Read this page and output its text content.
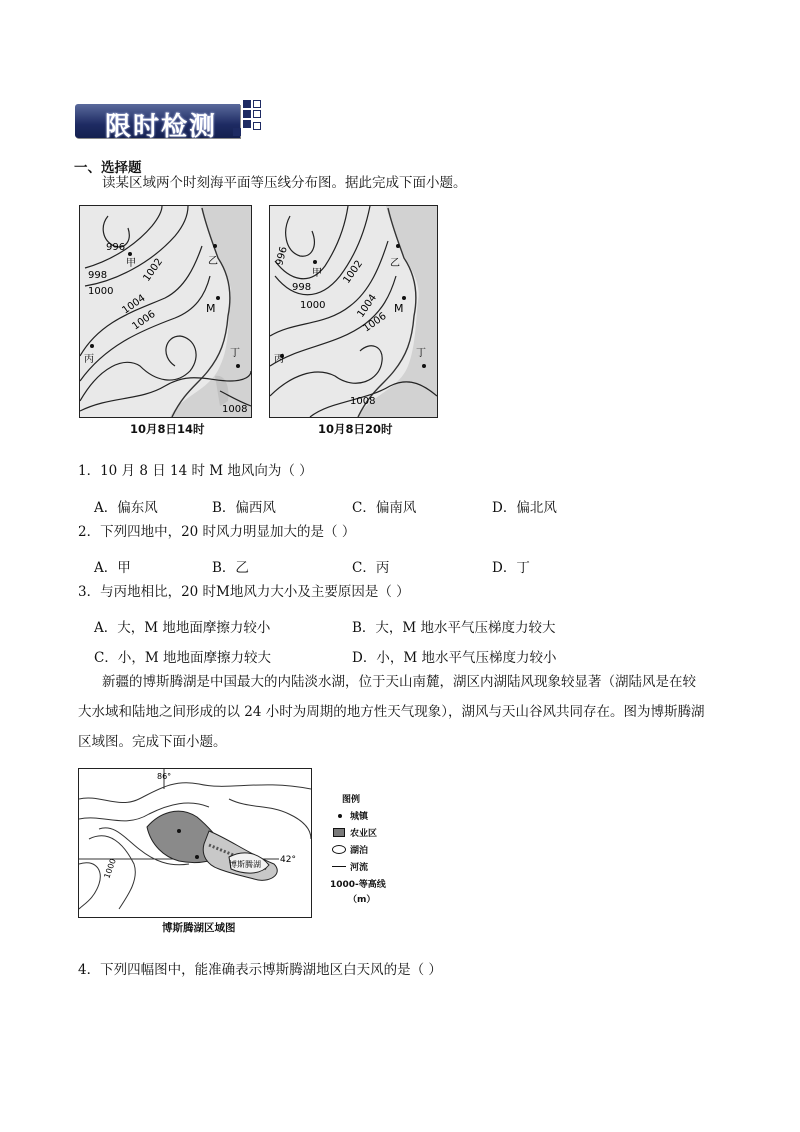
限时检测
一、选择题
读某区域两个时刻海平面等压线分布图。据此完成下面小题。
996
甲
998
1000
1002	乙
1004
1006
M
丙
丁
1008
10月8日14时
996
甲
998
1000
1002 乙
1004
1006
M
丙
丁
1008
10月8日20时
1．10 月 8 日 14 时 M 地风向为（ ）
A．偏东风	B．偏西风	C．偏南风	D．偏北风
2．下列四地中，20 时风力明显加大的是（ ）
A．甲	B．乙	C．丙	D．丁
3．与丙地相比，20 时M地风力大小及主要原因是（ ）
A．大，M 地地面摩擦力较小	B．大，M 地水平气压梯度力较大
C．小，M 地地面摩擦力较大	D．小，M 地水平气压梯度力较小
新疆的博斯腾湖是中国最大的内陆淡水湖，位于天山南麓，湖区内湖陆风现象较显著（湖陆风是在较
大水域和陆地之间形成的以 24 小时为周期的地方性天气现象），湖风与天山谷风共同存在。图为博斯腾湖
区域图。完成下面小题。
博斯腾湖 42°
86°
1000
博斯腾湖区域图
图例
城镇
农业区
湖泊
河流
1000-等高线
（m）
4．下列四幅图中，能准确表示博斯腾湖地区白天风的是（ ）
